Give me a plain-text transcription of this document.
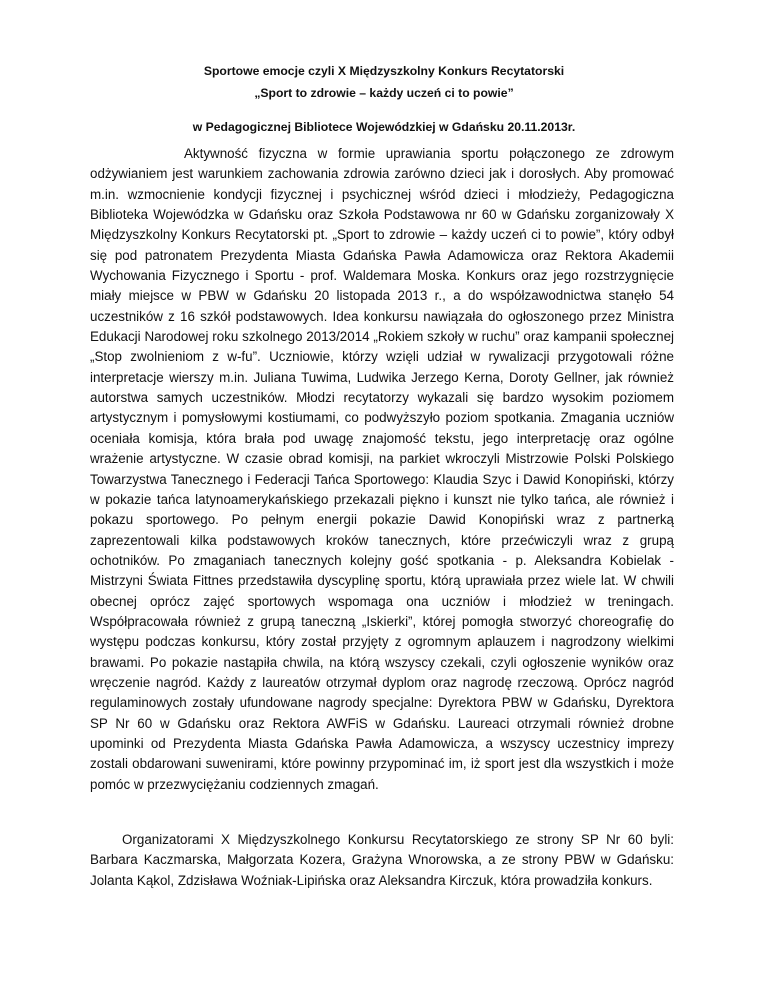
Sportowe emocje czyli X Międzyszkolny Konkurs Recytatorski
„Sport to zdrowie – każdy uczeń ci to powie”
w Pedagogicznej Bibliotece Wojewódzkiej w Gdańsku 20.11.2013r.

Aktywność fizyczna w formie uprawiania sportu połączonego ze zdrowym odżywianiem jest warunkiem zachowania zdrowia zarówno dzieci jak i dorosłych. Aby promować m.in. wzmocnienie kondycji fizycznej i psychicznej wśród dzieci i młodzieży, Pedagogiczna Biblioteka Wojewódzka w Gdańsku oraz Szkoła Podstawowa nr 60 w Gdańsku zorganizowały X Międzyszkolny Konkurs Recytatorski pt. „Sport to zdrowie – każdy uczeń ci to powie”, który odbył się pod patronatem Prezydenta Miasta Gdańska Pawła Adamowicza oraz Rektora Akademii Wychowania Fizycznego i Sportu - prof. Waldemara Moska. Konkurs oraz jego rozstrzygnięcie miały miejsce w PBW w Gdańsku 20 listopada 2013 r., a do współzawodnictwa stanęło 54 uczestników z 16 szkół podstawowych. Idea konkursu nawiązała do ogłoszonego przez Ministra Edukacji Narodowej roku szkolnego 2013/2014 „Rokiem szkoły w ruchu” oraz kampanii społecznej „Stop zwolnieniom z w-fu”. Uczniowie, którzy wzięli udział w rywalizacji przygotowali różne interpretacje wierszy m.in. Juliana Tuwima, Ludwika Jerzego Kerna, Doroty Gellner, jak również autorstwa samych uczestników. Młodzi recytatorzy wykazali się bardzo wysokim poziomem artystycznym i pomysłowymi kostiumami, co podwyższyło poziom spotkania. Zmagania uczniów oceniała komisja, która brała pod uwagę znajomość tekstu, jego interpretację oraz ogólne wrażenie artystyczne. W czasie obrad komisji, na parkiet wkroczyli Mistrzowie Polski Polskiego Towarzystwa Tanecznego i Federacji Tańca Sportowego: Klaudia Szyc i Dawid Konopiński, którzy w pokazie tańca latynoamerykańskiego przekazali piękno i kunszt nie tylko tańca, ale również i pokazu sportowego. Po pełnym energii pokazie Dawid Konopiński wraz z partnerką zaprezentowali kilka podstawowych kroków tanecznych, które przećwiczyli wraz z grupą ochotników. Po zmaganiach tanecznych kolejny gość spotkania - p. Aleksandra Kobielak - Mistrzyni Świata Fittnes przedstawiła dyscyplinę sportu, którą uprawiała przez wiele lat. W chwili obecnej oprócz zajęć sportowych wspomaga ona uczniów i młodzież w treningach. Współpracowała również z grupą taneczną „Iskierki”, której pomogła stworzyć choreografię do występu podczas konkursu, który został przyjęty z ogromnym aplauzem i nagrodzony wielkimi brawami. Po pokazie nastąpiła chwila, na którą wszyscy czekali, czyli ogłoszenie wyników oraz wręczenie nagród. Każdy z laureatów otrzymał dyplom oraz nagrodę rzeczową. Oprócz nagród regulaminowych zostały ufundowane nagrody specjalne: Dyrektora PBW w Gdańsku, Dyrektora SP Nr 60 w Gdańsku oraz Rektora AWFiS w Gdańsku. Laureaci otrzymali również drobne upominki od Prezydenta Miasta Gdańska Pawła Adamowicza, a wszyscy uczestnicy imprezy zostali obdarowani suwenirami, które powinny przypominać im, iż sport jest dla wszystkich i może pomóc w przezwyciężaniu codziennych zmagań.

Organizatorami X Międzyszkolnego Konkursu Recytatorskiego ze strony SP Nr 60 byli: Barbara Kaczmarska, Małgorzata Kozera, Grażyna Wnorowska, a ze strony PBW w Gdańsku: Jolanta Kąkol, Zdzisława Woźniak-Lipińska oraz Aleksandra Kirczuk, która prowadziła konkurs.
